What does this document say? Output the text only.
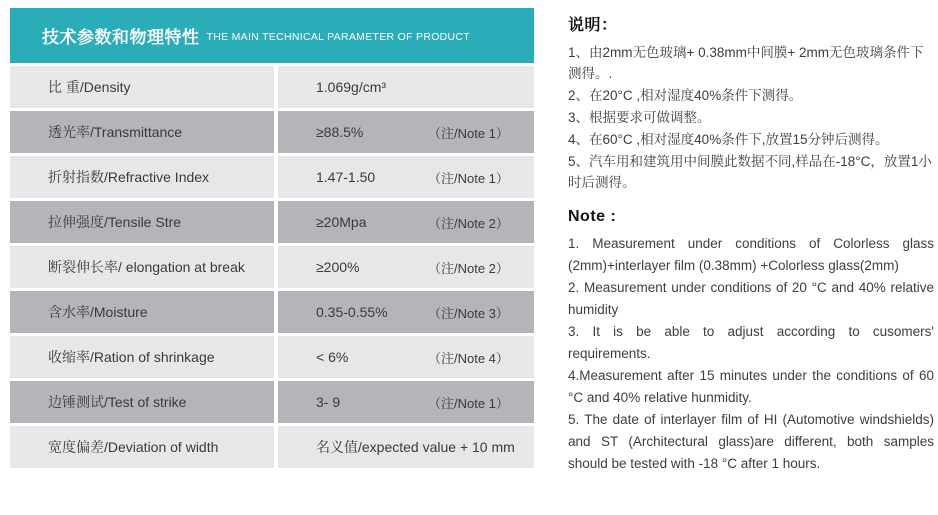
技术参数和物理特性 THE MAIN TECHNICAL PARAMETER OF PRODUCT
比 重/Density	1.069g/cm³
透光率/Transmittance	≥88.5%	（注/Note 1）
折射指数/Refractive Index	1.47-1.50	（注/Note 1）
拉伸强度/Tensile Stre	≥20Mpa	（注/Note 2）
断裂伸长率/ elongation at break	≥200%	（注/Note 2）
含水率/Moisture	0.35-0.55%	（注/Note 3）
收缩率/Ration of shrinkage	< 6%	（注/Note 4）
边锤测试/Test of strike	3- 9	（注/Note 1）
宽度偏差/Deviation of width	名义值/expected value + 10 mm
说明：
1、由2mm无色玻璃+ 0.38mm中间膜+ 2mm无色玻璃条件下测得。.
2、在20°C ,相对湿度40%条件下测得。
3、根据要求可做调整。
4、在60°C ,相对湿度40%条件下,放置15分钟后测得。
5、汽车用和建筑用中间膜此数据不同,样品在-18°C，放置1小时后测得。
Note :
1. Measurement under conditions of Colorless glass (2mm)+interlayer film (0.38mm) +Colorless glass(2mm)
2. Measurement under conditions of 20 °C and 40% relative humidity
3. It is be able to adjust according to cusomers' requirements.
4.Measurement after 15 minutes under the conditions of 60 °C and 40% relative hunmidity.
5. The date of interlayer film of HI (Automotive windshields) and ST (Architectural glass)are different, both samples should be tested with -18 °C after 1 hours.
